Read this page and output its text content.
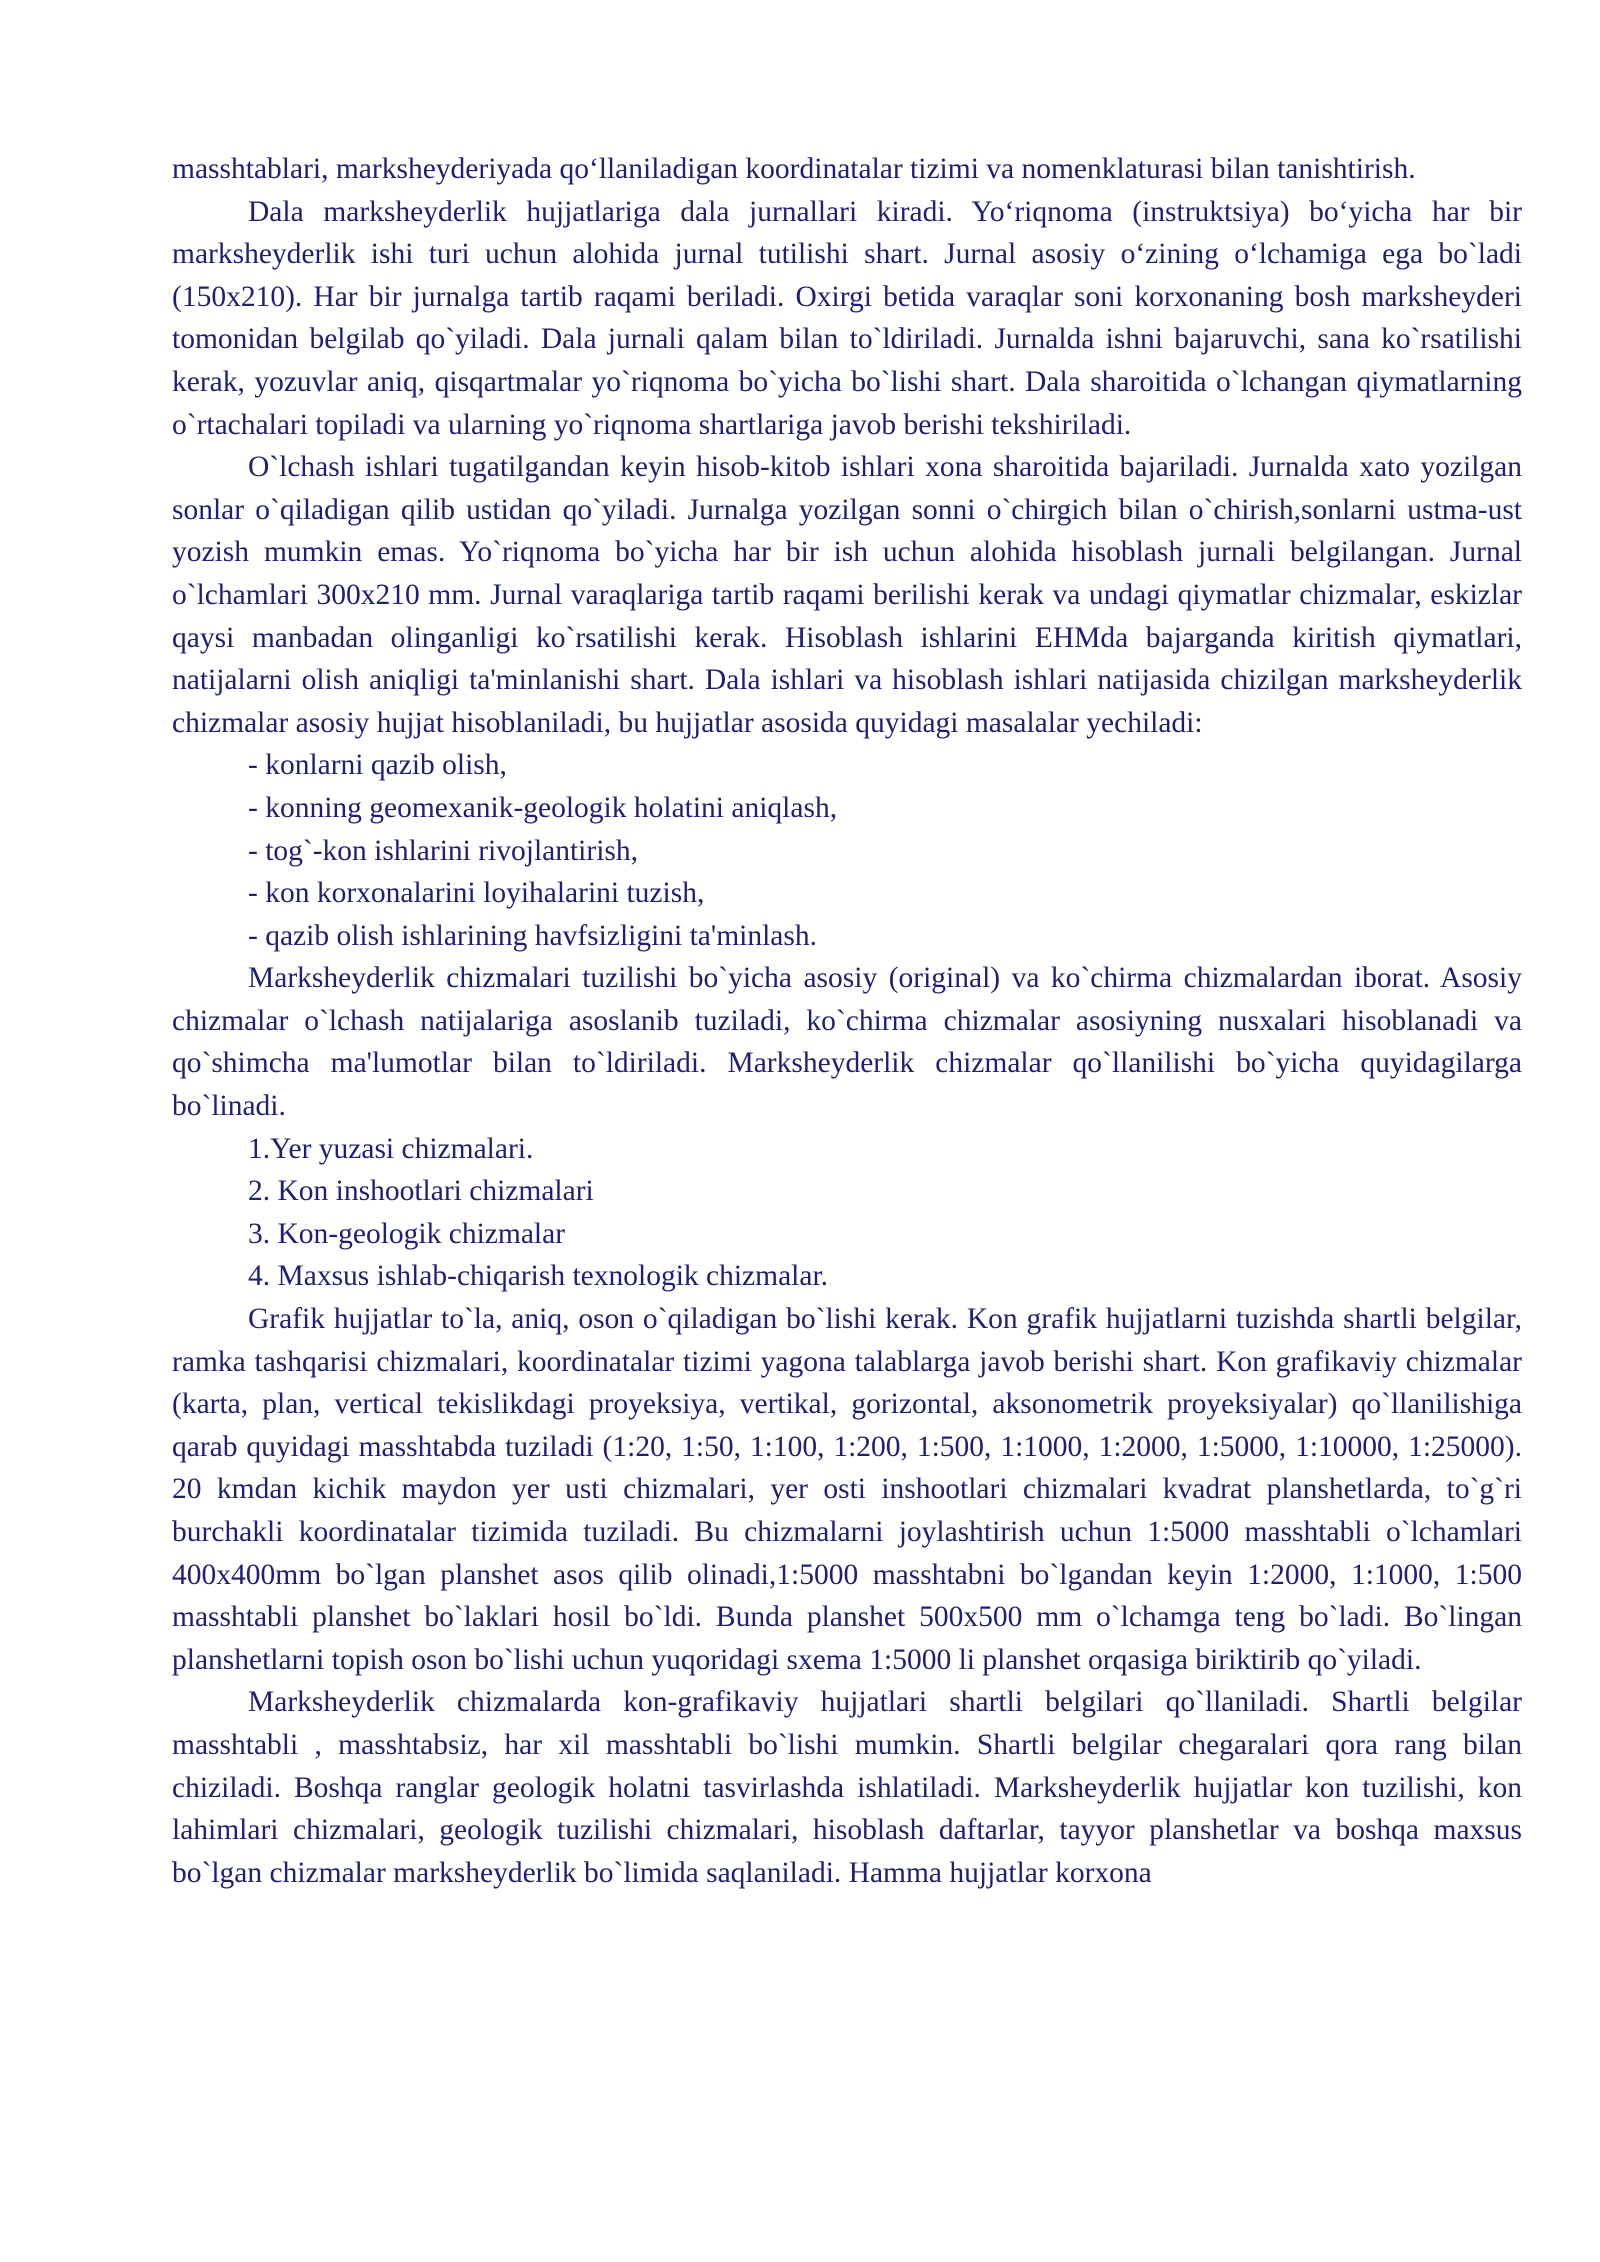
masshtablari, marksheyderiyada qo‘llaniladigan koordinatalar tizimi va nomenklaturasi bilan tanishtirish.

Dala marksheyderlik hujjatlariga dala jurnallari kiradi. Yo‘riqnoma (instruktsiya) bo‘yicha har bir marksheyderlik ishi turi uchun alohida jurnal tutilishi shart. Jurnal asosiy o‘zining o‘lchamiga ega bo`ladi (150x210). Har bir jurnalga tartib raqami beriladi. Oxirgi betida varaqlar soni korxonaning bosh marksheyderi tomonidan belgilab qo`yiladi. Dala jurnali qalam bilan to`ldiriladi. Jurnalda ishni bajaruvchi, sana ko`rsatilishi kerak, yozuvlar aniq, qisqartmalar yo`riqnoma bo`yicha bo`lishi shart. Dala sharoitida o`lchangan qiymatlarning o`rtachalari topiladi va ularning yo`riqnoma shartlariga javob berishi tekshiriladi.

O`lchash ishlari tugatilgandan keyin hisob-kitob ishlari xona sharoitida bajariladi. Jurnalda xato yozilgan sonlar o`qiladigan qilib ustidan qo`yiladi. Jurnalga yozilgan sonni o`chirgich bilan o`chirish,sonlarni ustma-ust yozish mumkin emas. Yo`riqnoma bo`yicha har bir ish uchun alohida hisoblash jurnali belgilangan. Jurnal o`lchamlari 300x210 mm. Jurnal varaqlariga tartib raqami berilishi kerak va undagi qiymatlar chizmalar, eskizlar qaysi manbadan olinganligi ko`rsatilishi kerak. Hisoblash ishlarini EHMda bajarganda kiritish qiymatlari, natijalarni olish aniqligi ta'minlanishi shart. Dala ishlari va hisoblash ishlari natijasida chizilgan marksheyderlik chizmalar asosiy hujjat hisoblaniladi, bu hujjatlar asosida quyidagi masalalar yechiladi:

- konlarni qazib olish,

- konning geomexanik-geologik holatini aniqlash,

- tog`-kon ishlarini rivojlantirish,

- kon korxonalarini loyihalarini tuzish,

- qazib olish ishlarining havfsizligini ta'minlash.

Marksheyderlik chizmalari tuzilishi bo`yicha asosiy (original) va ko`chirma chizmalardan iborat. Asosiy chizmalar o`lchash natijalariga asoslanib tuziladi, ko`chirma chizmalar asosiyning nusxalari hisoblanadi va qo`shimcha ma'lumotlar bilan to`ldiriladi. Marksheyderlik chizmalar qo`llanilishi bo`yicha quyidagilarga bo`linadi.

1.Yer yuzasi chizmalari.

2. Kon inshootlari chizmalari

3. Kon-geologik chizmalar

4. Maxsus ishlab-chiqarish texnologik chizmalar.

Grafik hujjatlar to`la, aniq, oson o`qiladigan bo`lishi kerak. Kon grafik hujjatlarni tuzishda shartli belgilar, ramka tashqarisi chizmalari, koordinatalar tizimi yagona talablarga javob berishi shart. Kon grafikaviy chizmalar (karta, plan, vertical tekislikdagi proyeksiya, vertikal, gorizontal, aksonometrik proyeksiyalar) qo`llanilishiga qarab quyidagi masshtabda tuziladi (1:20, 1:50, 1:100, 1:200, 1:500, 1:1000, 1:2000, 1:5000, 1:10000, 1:25000). 20 kmdan kichik maydon yer usti chizmalari, yer osti inshootlari chizmalari kvadrat planshetlarda, to`g`ri burchakli koordinatalar tizimida tuziladi. Bu chizmalarni joylashtirish uchun 1:5000 masshtabli o`lchamlari 400x400mm bo`lgan planshet asos qilib olinadi,1:5000 masshtabni bo`lgandan keyin 1:2000, 1:1000, 1:500 masshtabli planshet bo`laklari hosil bo`ldi. Bunda planshet 500x500 mm o`lchamga teng bo`ladi. Bo`lingan planshetlarni topish oson bo`lishi uchun yuqoridagi sxema 1:5000 li planshet orqasiga biriktirib qo`yiladi.

Marksheyderlik chizmalarda kon-grafikaviy hujjatlari shartli belgilari qo`llaniladi. Shartli belgilar masshtabli , masshtabsiz, har xil masshtabli bo`lishi mumkin. Shartli belgilar chegaralari qora rang bilan chiziladi. Boshqa ranglar geologik holatni tasvirlashda ishlatiladi. Marksheyderlik hujjatlar kon tuzilishi, kon lahimlari chizmalari, geologik tuzilishi chizmalari, hisoblash daftarlar, tayyor planshetlar va boshqa maxsus bo`lgan chizmalar marksheyderlik bo`limida saqlaniladi. Hamma hujjatlar korxona
